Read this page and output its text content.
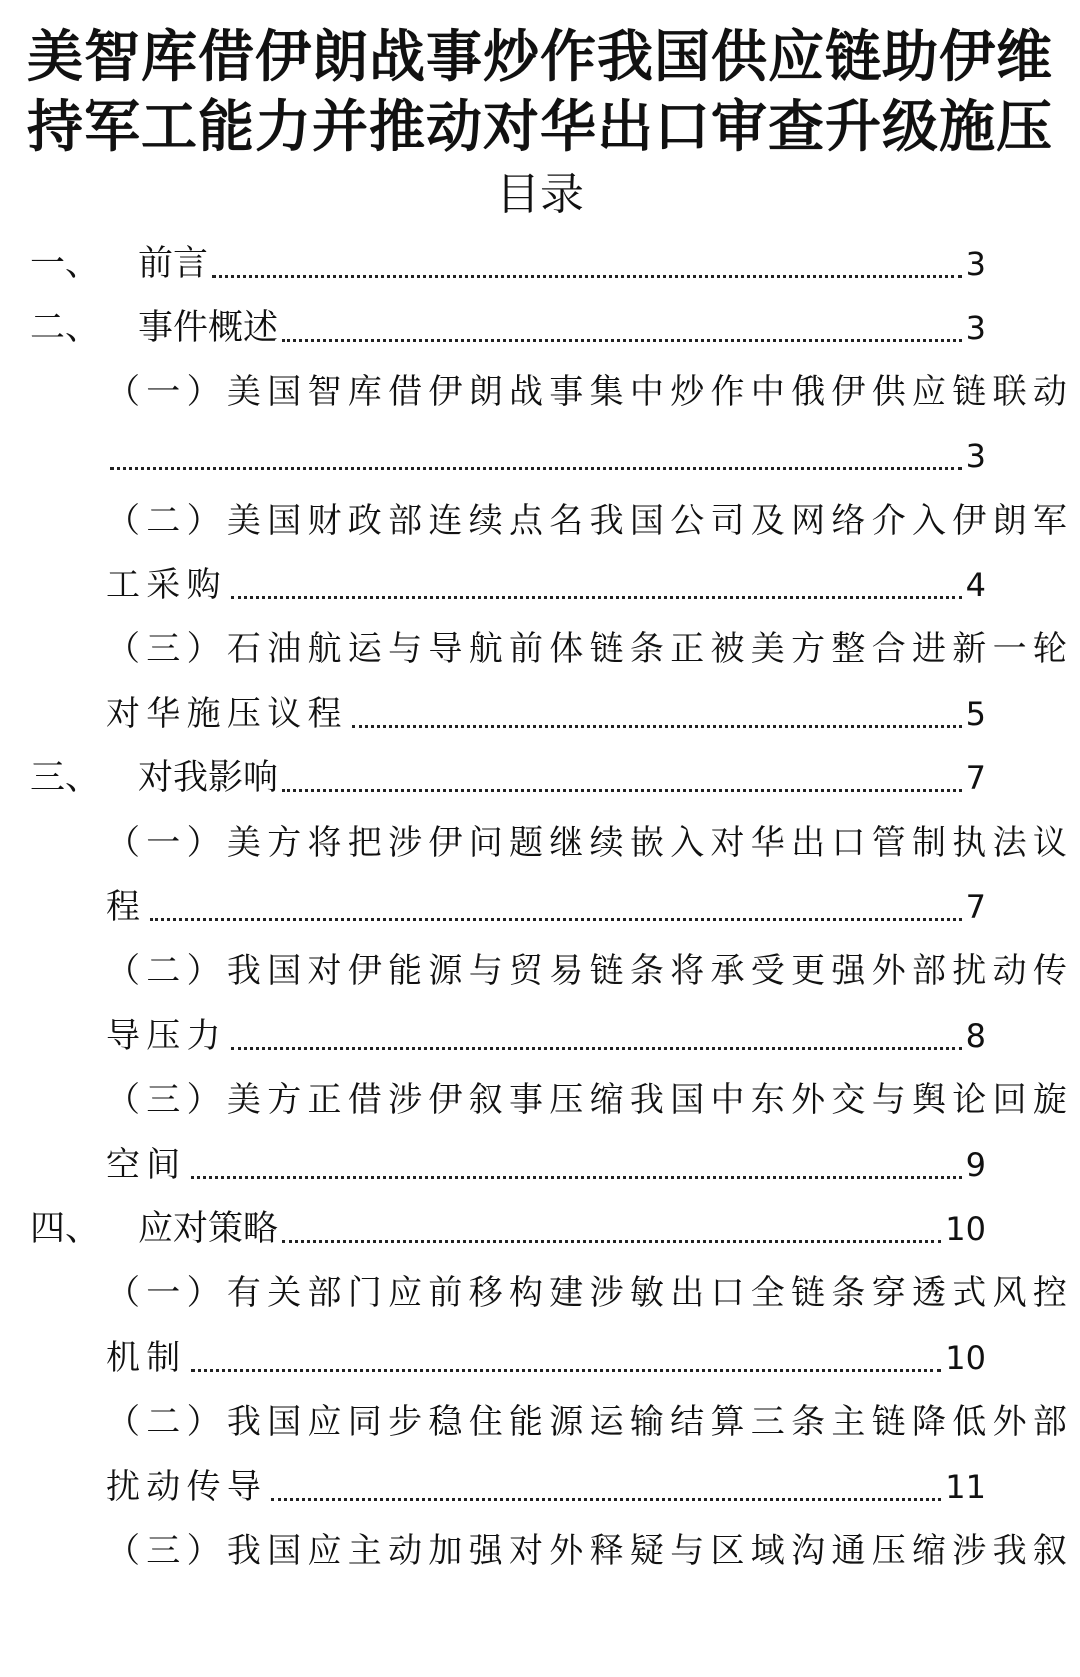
美智库借伊朗战事炒作我国供应链助伊维
持军工能力并推动对华出口审查升级施压
目录
一、 前言	3
二、 事件概述	3
（一）美国智库借伊朗战事集中炒作中俄伊供应链联动
3
（二）美国财政部连续点名我国公司及网络介入伊朗军
工采购	4
（三）石油航运与导航前体链条正被美方整合进新一轮
对华施压议程	5
三、 对我影响	7
（一）美方将把涉伊问题继续嵌入对华出口管制执法议
程	7
（二）我国对伊能源与贸易链条将承受更强外部扰动传
导压力	8
（三）美方正借涉伊叙事压缩我国中东外交与舆论回旋
空间	9
四、 应对策略	10
（一）有关部门应前移构建涉敏出口全链条穿透式风控
机制	10
（二）我国应同步稳住能源运输结算三条主链降低外部
扰动传导	11
（三）我国应主动加强对外释疑与区域沟通压缩涉我叙
